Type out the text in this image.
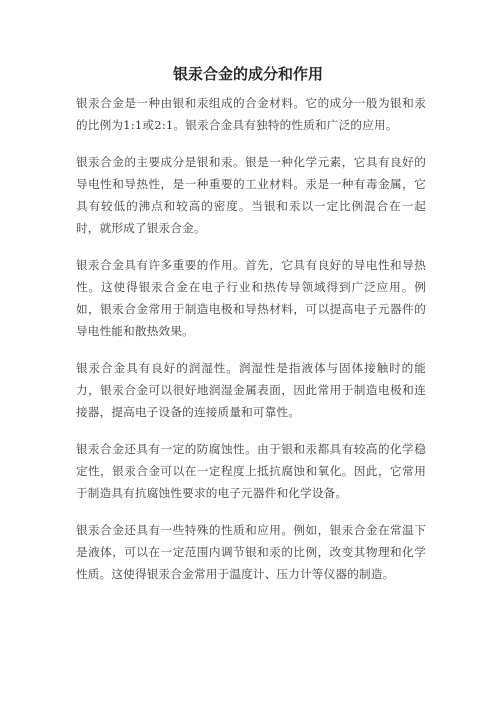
银汞合金的成分和作用

银汞合金是一种由银和汞组成的合金材料。它的成分一般为银和汞的比例为1:1或2:1。银汞合金具有独特的性质和广泛的应用。

银汞合金的主要成分是银和汞。银是一种化学元素，它具有良好的导电性和导热性，是一种重要的工业材料。汞是一种有毒金属，它具有较低的沸点和较高的密度。当银和汞以一定比例混合在一起时，就形成了银汞合金。

银汞合金具有许多重要的作用。首先，它具有良好的导电性和导热性。这使得银汞合金在电子行业和热传导领域得到广泛应用。例如，银汞合金常用于制造电极和导热材料，可以提高电子元器件的导电性能和散热效果。

银汞合金具有良好的润湿性。润湿性是指液体与固体接触时的能力，银汞合金可以很好地润湿金属表面，因此常用于制造电极和连接器，提高电子设备的连接质量和可靠性。

银汞合金还具有一定的防腐蚀性。由于银和汞都具有较高的化学稳定性，银汞合金可以在一定程度上抵抗腐蚀和氧化。因此，它常用于制造具有抗腐蚀性要求的电子元器件和化学设备。

银汞合金还具有一些特殊的性质和应用。例如，银汞合金在常温下是液体，可以在一定范围内调节银和汞的比例，改变其物理和化学性质。这使得银汞合金常用于温度计、压力计等仪器的制造。
